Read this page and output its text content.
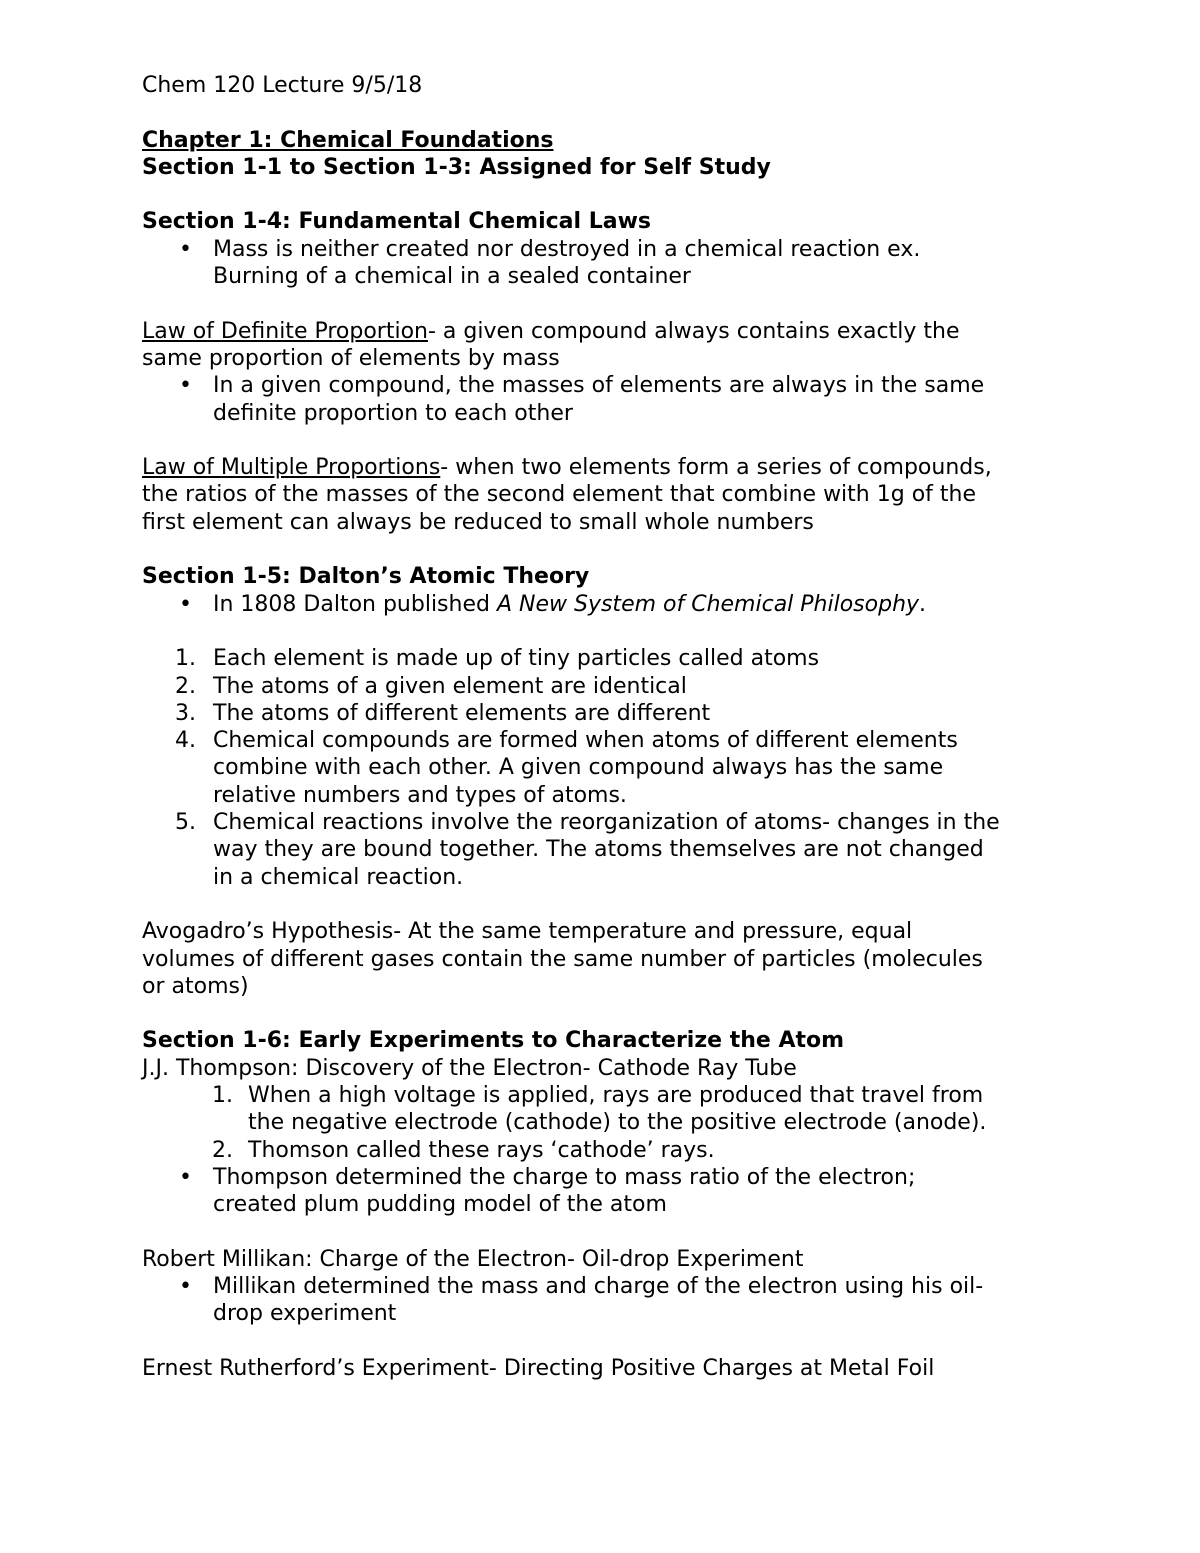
Chem 120 Lecture 9/5/18

Chapter 1: Chemical Foundations

Section 1-1 to Section 1-3: Assigned for Self Study

Section 1-4: Fundamental Chemical Laws

• Mass is neither created nor destroyed in a chemical reaction ex.
Burning of a chemical in a sealed container

Law of Definite Proportion- a given compound always contains exactly the

same proportion of elements by mass

• In a given compound, the masses of elements are always in the same
definite proportion to each other

Law of Multiple Proportions- when two elements form a series of compounds,

the ratios of the masses of the second element that combine with 1g of the

first element can always be reduced to small whole numbers

Section 1-5: Dalton’s Atomic Theory

• In 1808 Dalton published A New System of Chemical Philosophy.
1. Each element is made up of tiny particles called atoms
2. The atoms of a given element are identical
3. The atoms of different elements are different
4. Chemical compounds are formed when atoms of different elements
combine with each other. A given compound always has the same
relative numbers and types of atoms.
5. Chemical reactions involve the reorganization of atoms- changes in the
way they are bound together. The atoms themselves are not changed
in a chemical reaction.

Avogadro’s Hypothesis- At the same temperature and pressure, equal

volumes of different gases contain the same number of particles (molecules

or atoms)

Section 1-6: Early Experiments to Characterize the Atom

J.J. Thompson: Discovery of the Electron- Cathode Ray Tube

1. When a high voltage is applied, rays are produced that travel from
the negative electrode (cathode) to the positive electrode (anode).
2. Thomson called these rays ‘cathode’ rays.
• Thompson determined the charge to mass ratio of the electron;
created plum pudding model of the atom

Robert Millikan: Charge of the Electron- Oil-drop Experiment

• Millikan determined the mass and charge of the electron using his oil-
drop experiment

Ernest Rutherford’s Experiment- Directing Positive Charges at Metal Foil
